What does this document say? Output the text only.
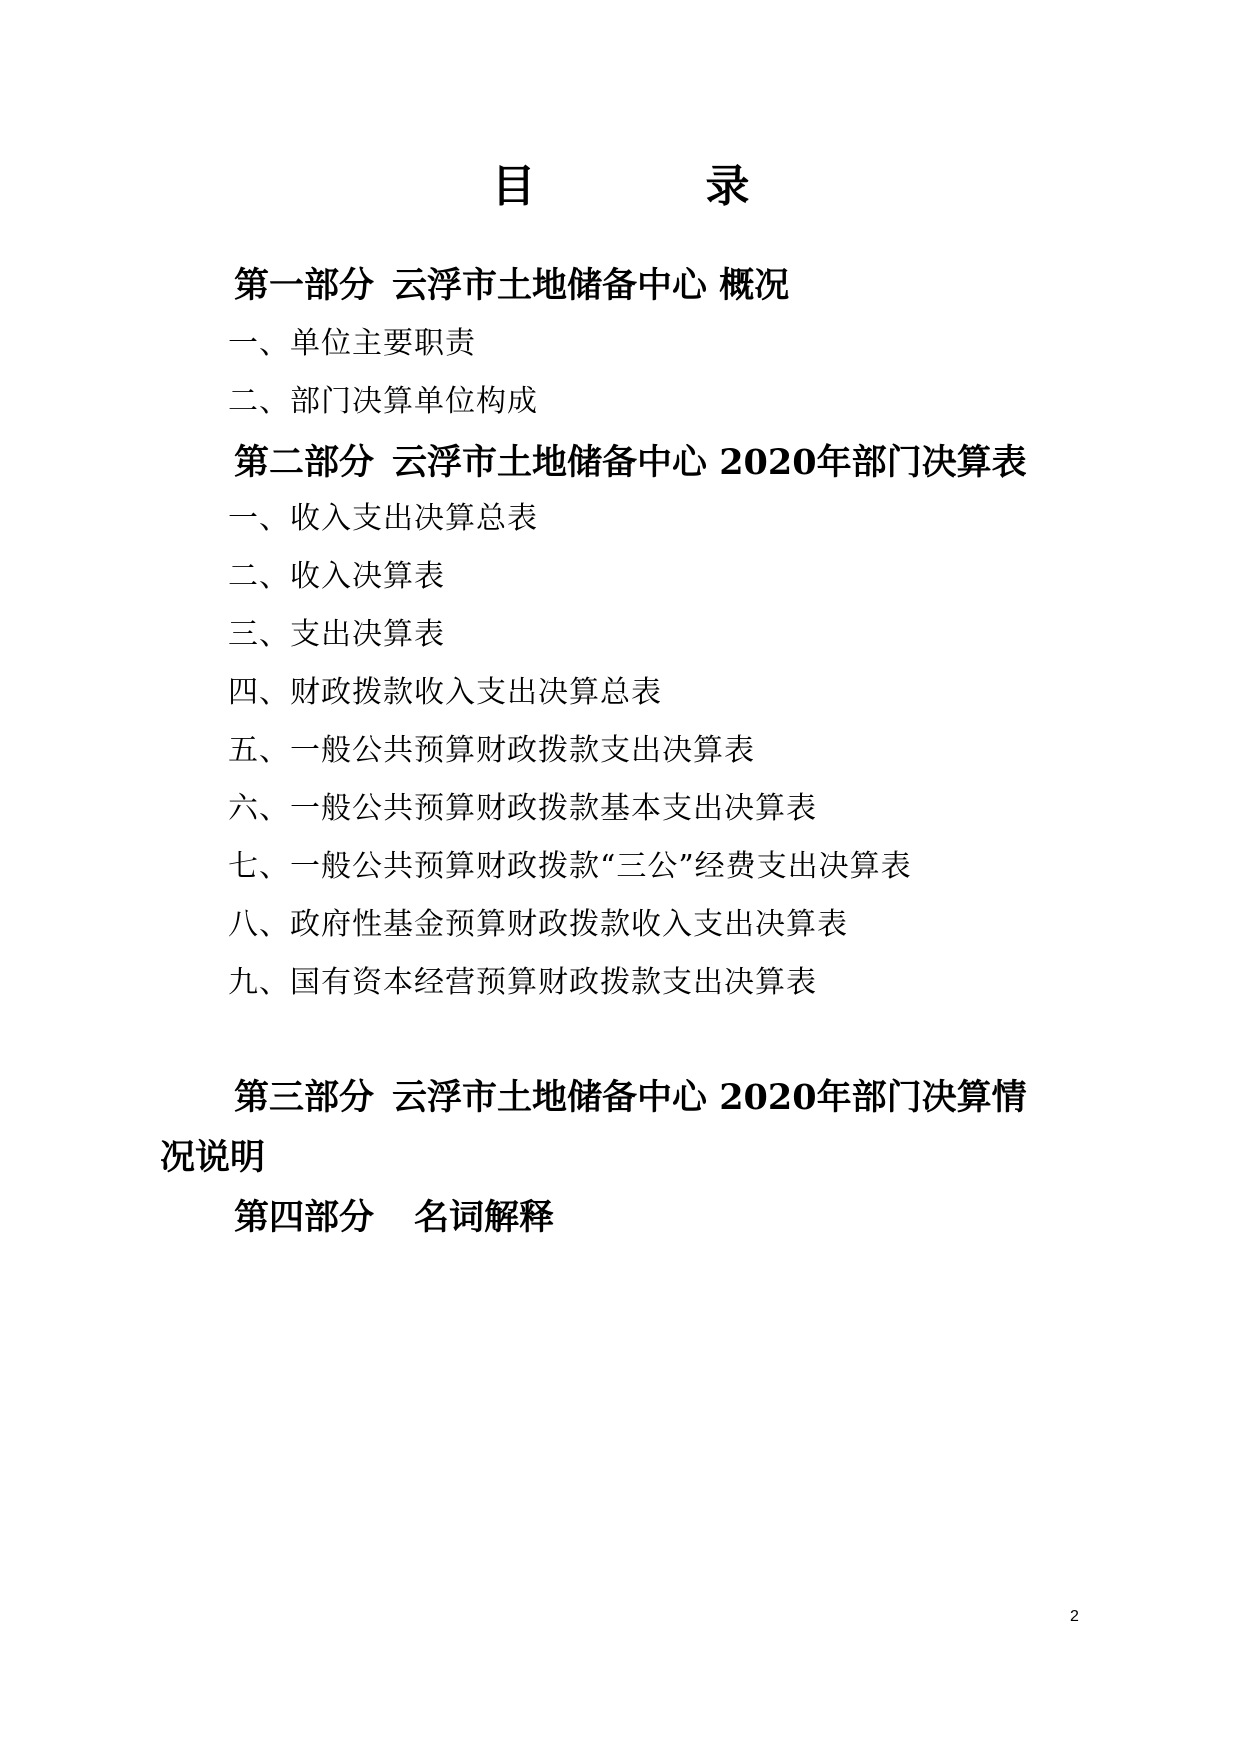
目	录
第一部分 云浮市土地储备中心 概况
一、单位主要职责
二、部门决算单位构成
第二部分 云浮市土地储备中心 2020年部门决算表
一、收入支出决算总表
二、收入决算表
三、支出决算表
四、财政拨款收入支出决算总表
五、一般公共预算财政拨款支出决算表
六、一般公共预算财政拨款基本支出决算表
七、一般公共预算财政拨款“三公”经费支出决算表
八、政府性基金预算财政拨款收入支出决算表
九、国有资本经营预算财政拨款支出决算表
第三部分 云浮市土地储备中心 2020年部门决算情况说明
第四部分 名词解释
2
